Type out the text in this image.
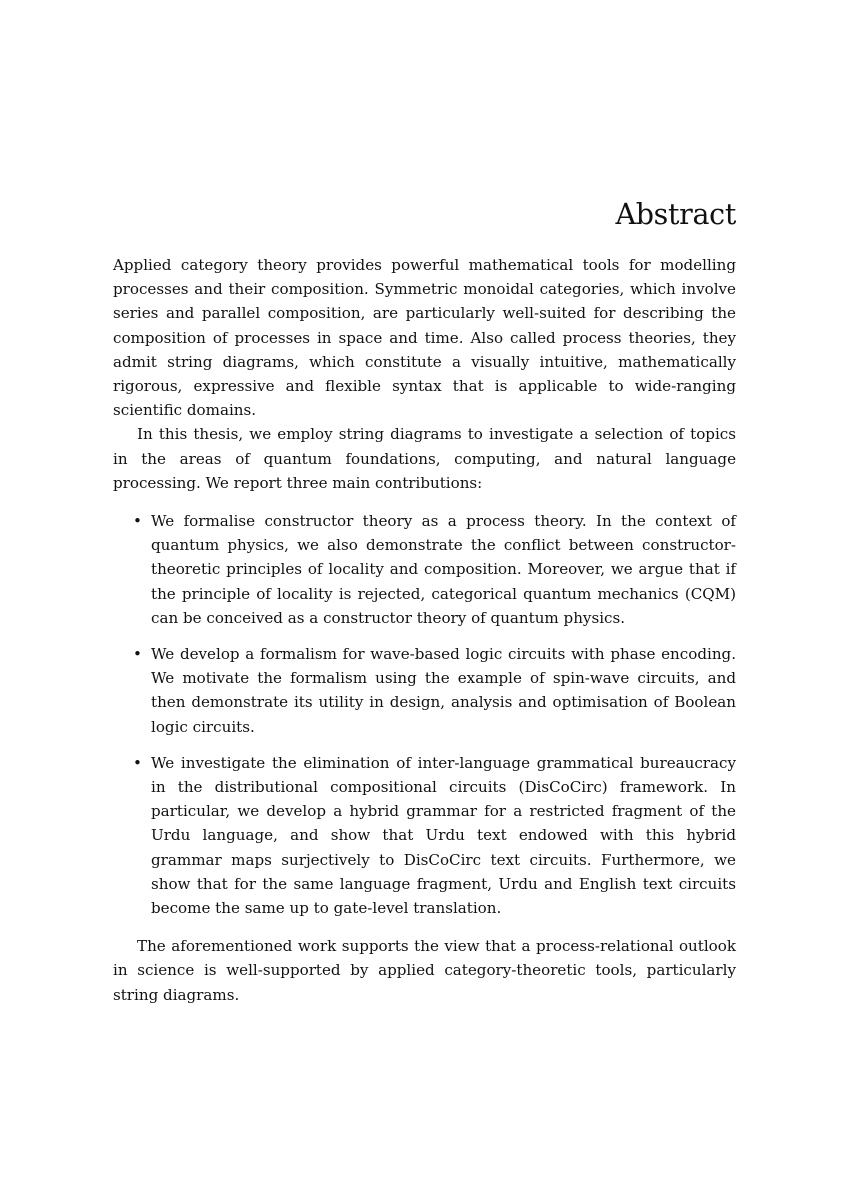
Abstract

Applied category theory provides powerful mathematical tools for modelling processes and their composition. Symmetric monoidal categories, which involve series and parallel composition, are particularly well-suited for describing the composition of processes in space and time. Also called process theories, they admit string diagrams, which constitute a visually intuitive, mathematically rigorous, expressive and flexible syntax that is applicable to wide-ranging scientific domains.

In this thesis, we employ string diagrams to investigate a selection of topics in the areas of quantum foundations, computing, and natural language processing. We report three main contributions:

• We formalise constructor theory as a process theory. In the context of quantum physics, we also demonstrate the conflict between constructor-theoretic principles of locality and composition. Moreover, we argue that if the principle of locality is rejected, categorical quantum mechanics (CQM) can be conceived as a constructor theory of quantum physics.
• We develop a formalism for wave-based logic circuits with phase encoding. We motivate the formalism using the example of spin-wave circuits, and then demonstrate its utility in design, analysis and optimisation of Boolean logic circuits.
• We investigate the elimination of inter-language grammatical bureaucracy in the distributional compositional circuits (DisCoCirc) framework. In particular, we develop a hybrid grammar for a restricted fragment of the Urdu language, and show that Urdu text endowed with this hybrid grammar maps surjectively to DisCoCirc text circuits. Furthermore, we show that for the same language fragment, Urdu and English text circuits become the same up to gate-level translation.

The aforementioned work supports the view that a process-relational outlook in science is well-supported by applied category-theoretic tools, particularly string diagrams.
